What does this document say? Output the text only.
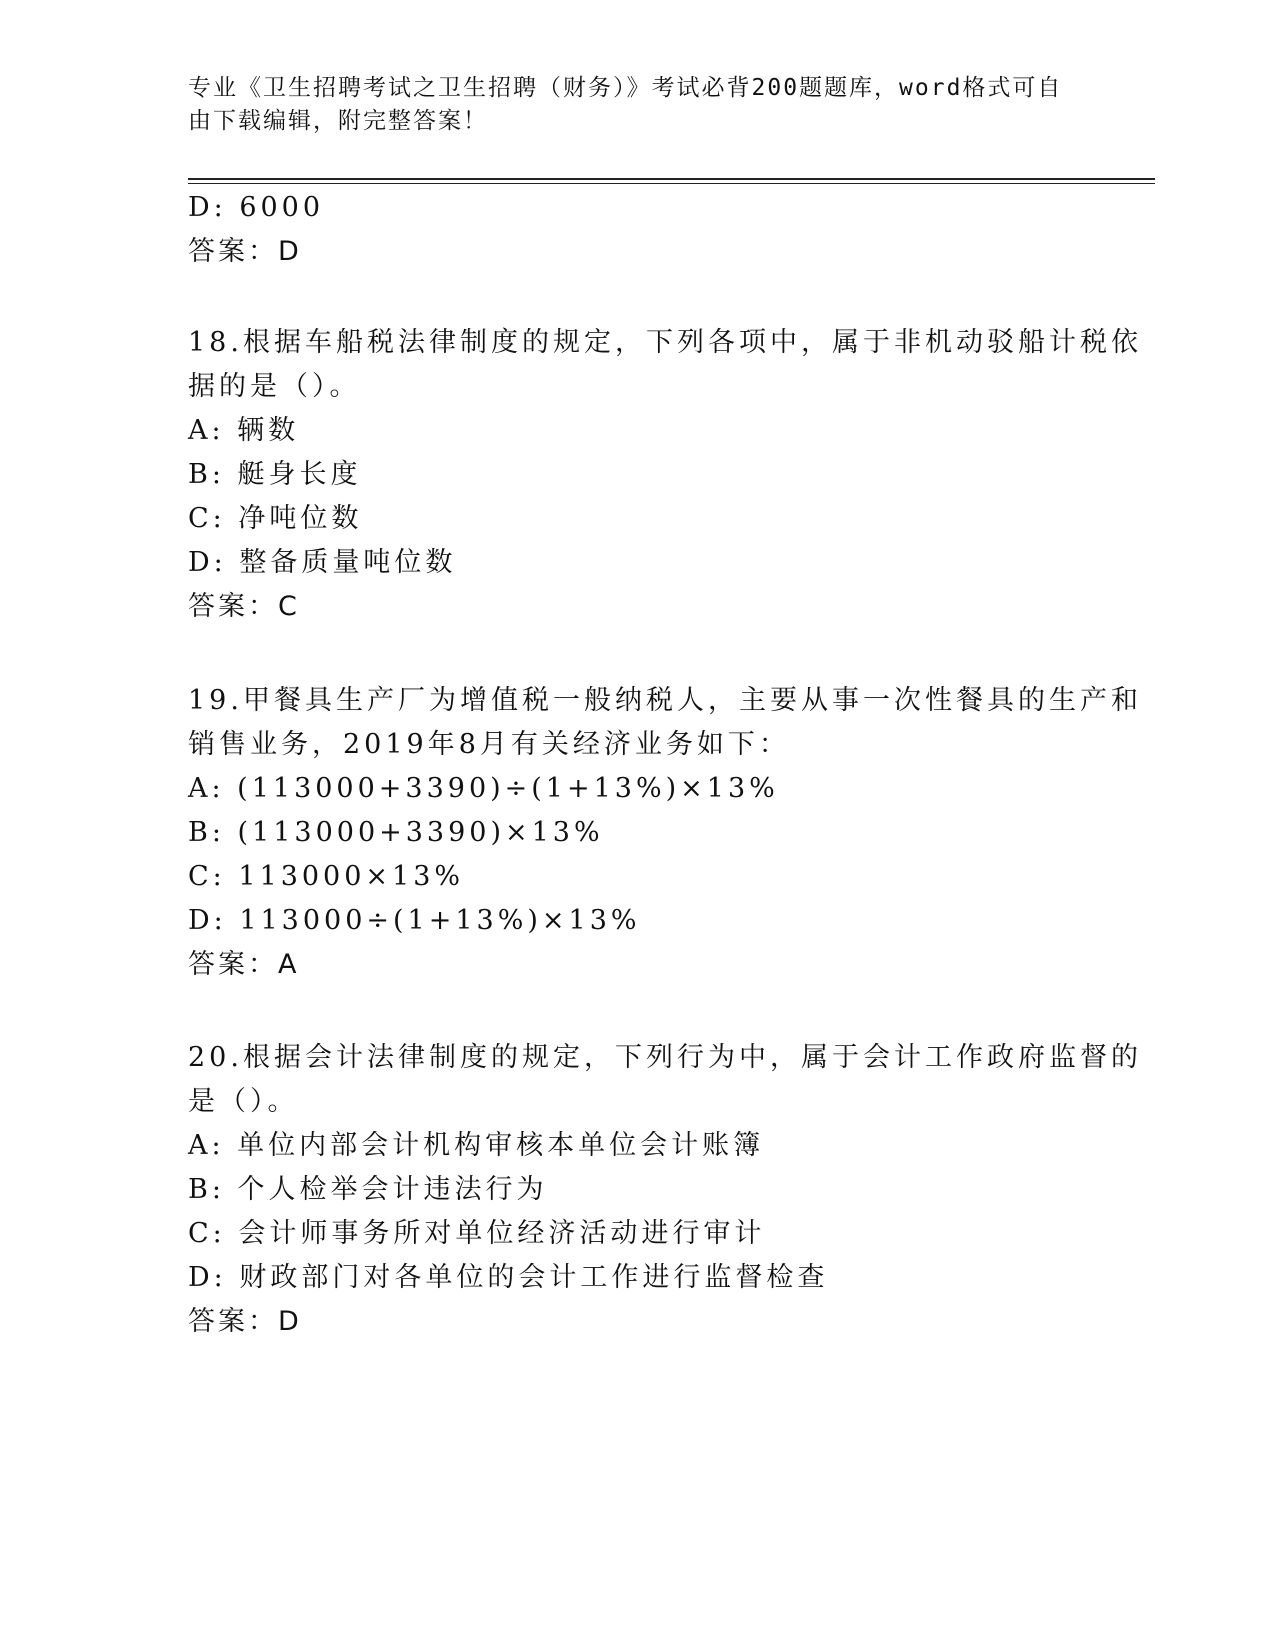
专业《卫生招聘考试之卫生招聘（财务）》考试必背200题题库，word格式可自
由下载编辑，附完整答案！
D: 6000
答案：D
18.根据车船税法律制度的规定，下列各项中，属于非机动驳船计税依
据的是（）。
A: 辆数
B: 艇身长度
C: 净吨位数
D: 整备质量吨位数
答案：C
19.甲餐具生产厂为增值税一般纳税人，主要从事一次性餐具的生产和
销售业务，2019年8月有关经济业务如下：
A: (113000+3390)÷(1+13%)×13%
B: (113000+3390)×13%
C: 113000×13%
D: 113000÷(1+13%)×13%
答案：A
20.根据会计法律制度的规定，下列行为中，属于会计工作政府监督的
是（）。
A: 单位内部会计机构审核本单位会计账簿
B: 个人检举会计违法行为
C: 会计师事务所对单位经济活动进行审计
D: 财政部门对各单位的会计工作进行监督检查
答案：D
